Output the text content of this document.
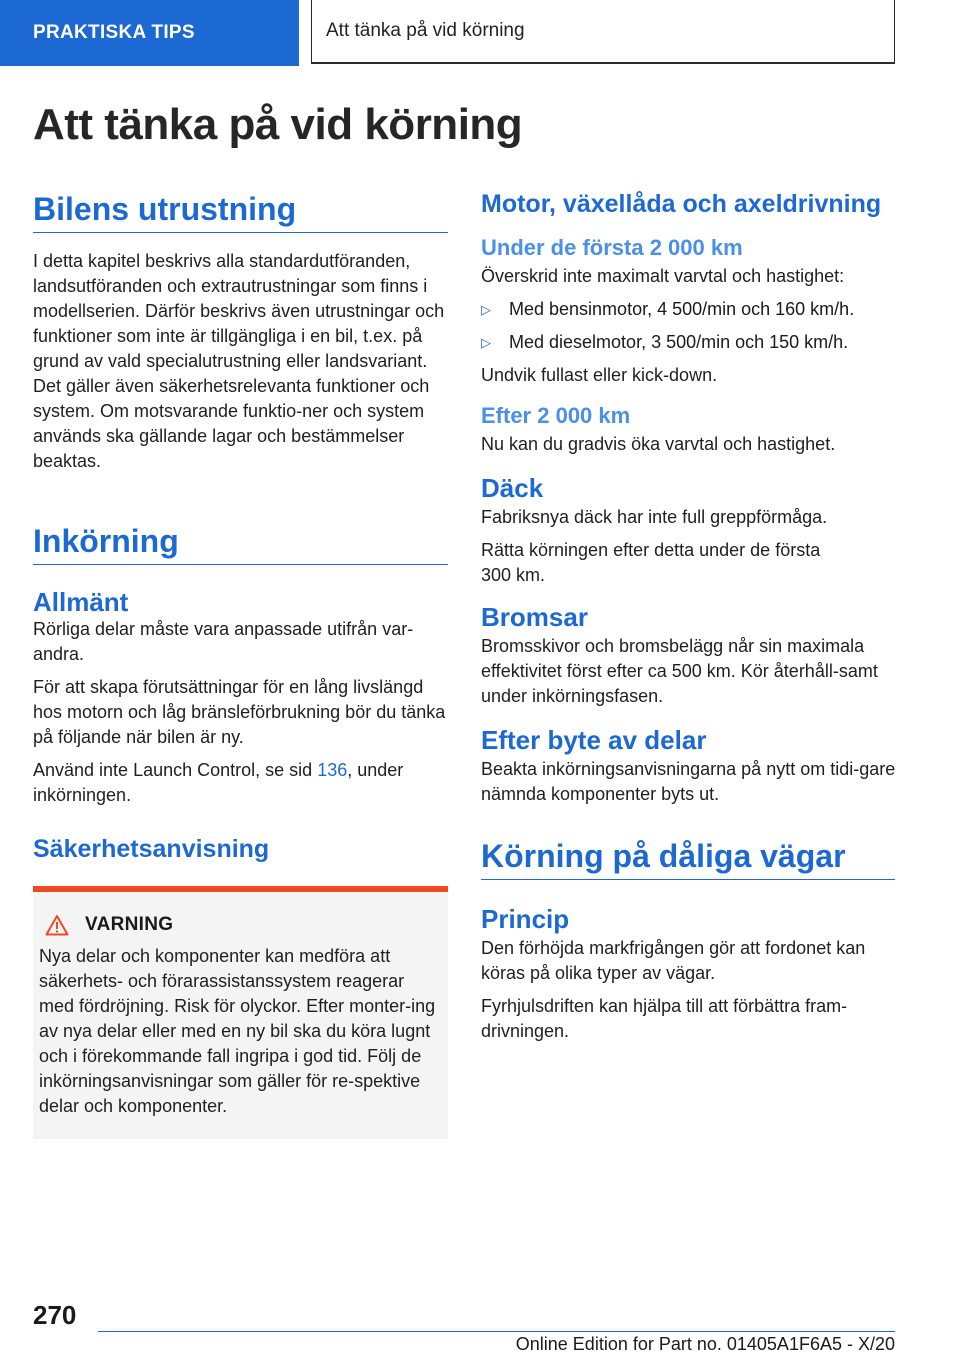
PRAKTISKA TIPS	Att tänka på vid körning
Att tänka på vid körning
Bilens utrustning

I detta kapitel beskrivs alla standardutföranden, landsutföranden och extrautrustningar som finns i modellserien. Därför beskrivs även utrustningar och funktioner som inte är tillgängliga i en bil, t.ex. på grund av vald specialutrustning eller landsvariant. Det gäller även säkerhetsrelevanta funktioner och system. Om motsvarande funktio‐ner och system används ska gällande lagar och bestämmelser beaktas.

Inkörning
Allmänt

Rörliga delar måste vara anpassade utifrån var‐andra.

För att skapa förutsättningar för en lång livslängd hos motorn och låg bränsleförbrukning bör du tänka på följande när bilen är ny.

Använd inte Launch Control, se sid 136, under inkörningen.

Säkerhetsanvisning
VARNING

Nya delar och komponenter kan medföra att säkerhets- och förarassistanssystem reagerar med fördröjning. Risk för olyckor. Efter monter‐ing av nya delar eller med en ny bil ska du köra lugnt och i förekommande fall ingripa i god tid. Följ de inkörningsanvisningar som gäller för re‐spektive delar och komponenter.

Motor, växellåda och axeldrivning
Under de första 2 000 km

Överskrid inte maximalt varvtal och hastighet:

▷	Med bensinmotor, 4 500/min och 160 km/h.
▷	Med dieselmotor, 3 500/min och 150 km/h.

Undvik fullast eller kick-down.

Efter 2 000 km

Nu kan du gradvis öka varvtal och hastighet.

Däck

Fabriksnya däck har inte full greppförmåga.

Rätta körningen efter detta under de första 300 km.

Bromsar

Bromsskivor och bromsbelägg når sin maximala effektivitet först efter ca 500 km. Kör återhåll‐samt under inkörningsfasen.

Efter byte av delar

Beakta inkörningsanvisningarna på nytt om tidi‐gare nämnda komponenter byts ut.

Körning på dåliga vägar
Princip

Den förhöjda markfrigången gör att fordonet kan köras på olika typer av vägar.

Fyrhjulsdriften kan hjälpa till att förbättra fram‐drivningen.

270
Online Edition for Part no. 01405A1F6A5 - X/20
